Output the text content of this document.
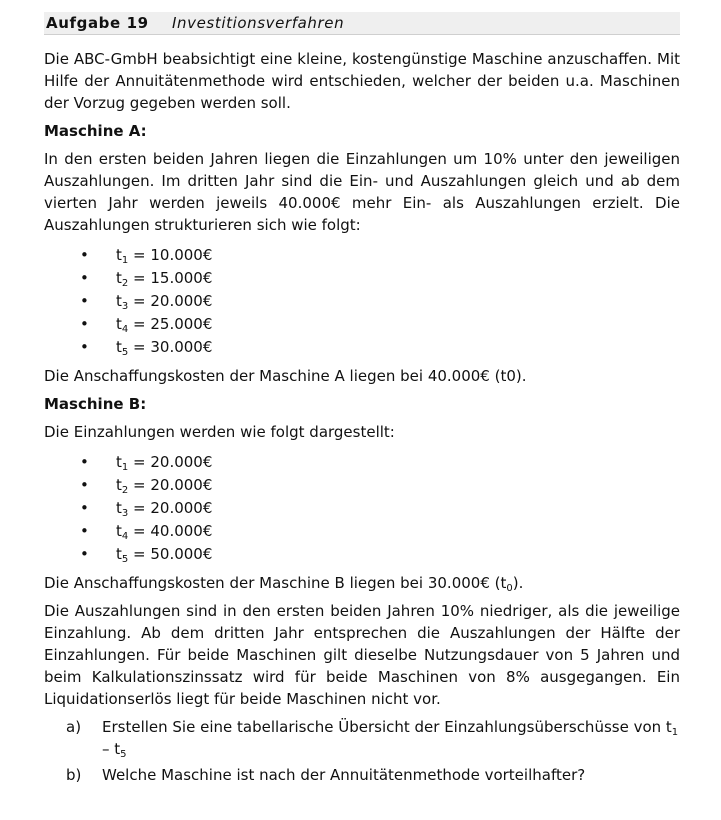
Aufgabe 19	Investitionsverfahren

Die ABC-GmbH beabsichtigt eine kleine, kostengünstige Maschine anzuschaffen. Mit Hilfe der Annuitätenmethode wird entschieden, welcher der beiden u.a. Maschinen der Vorzug gegeben werden soll.

Maschine A:

In den ersten beiden Jahren liegen die Einzahlungen um 10% unter den jeweiligen Auszahlungen. Im dritten Jahr sind die Ein- und Auszahlungen gleich und ab dem vierten Jahr werden jeweils 40.000€ mehr Ein- als Auszahlungen erzielt. Die Auszahlungen strukturieren sich wie folgt:

• $t_1$ = 10.000€
• $t_2$ = 15.000€
• $t_3$ = 20.000€
• $t_4$ = 25.000€
• $t_5$ = 30.000€

Die Anschaffungskosten der Maschine A liegen bei 40.000€ (t0).

Maschine B:

Die Einzahlungen werden wie folgt dargestellt:

• $t_1$ = 20.000€
• $t_2$ = 20.000€
• $t_3$ = 20.000€
• $t_4$ = 40.000€
• $t_5$ = 50.000€

Die Anschaffungskosten der Maschine B liegen bei 30.000€ $(t_0)$.

Die Auszahlungen sind in den ersten beiden Jahren 10% niedriger, als die jeweilige Einzahlung. Ab dem dritten Jahr entsprechen die Auszahlungen der Hälfte der Einzahlungen. Für beide Maschinen gilt dieselbe Nutzungsdauer von 5 Jahren und beim Kalkulationszinssatz wird für beide Maschinen von 8% ausgegangen. Ein Liquidationserlös liegt für beide Maschinen nicht vor.

a) Erstellen Sie eine tabellarische Übersicht der Einzahlungsüberschüsse von $t_1 - t_5$
b) Welche Maschine ist nach der Annuitätenmethode vorteilhafter?
